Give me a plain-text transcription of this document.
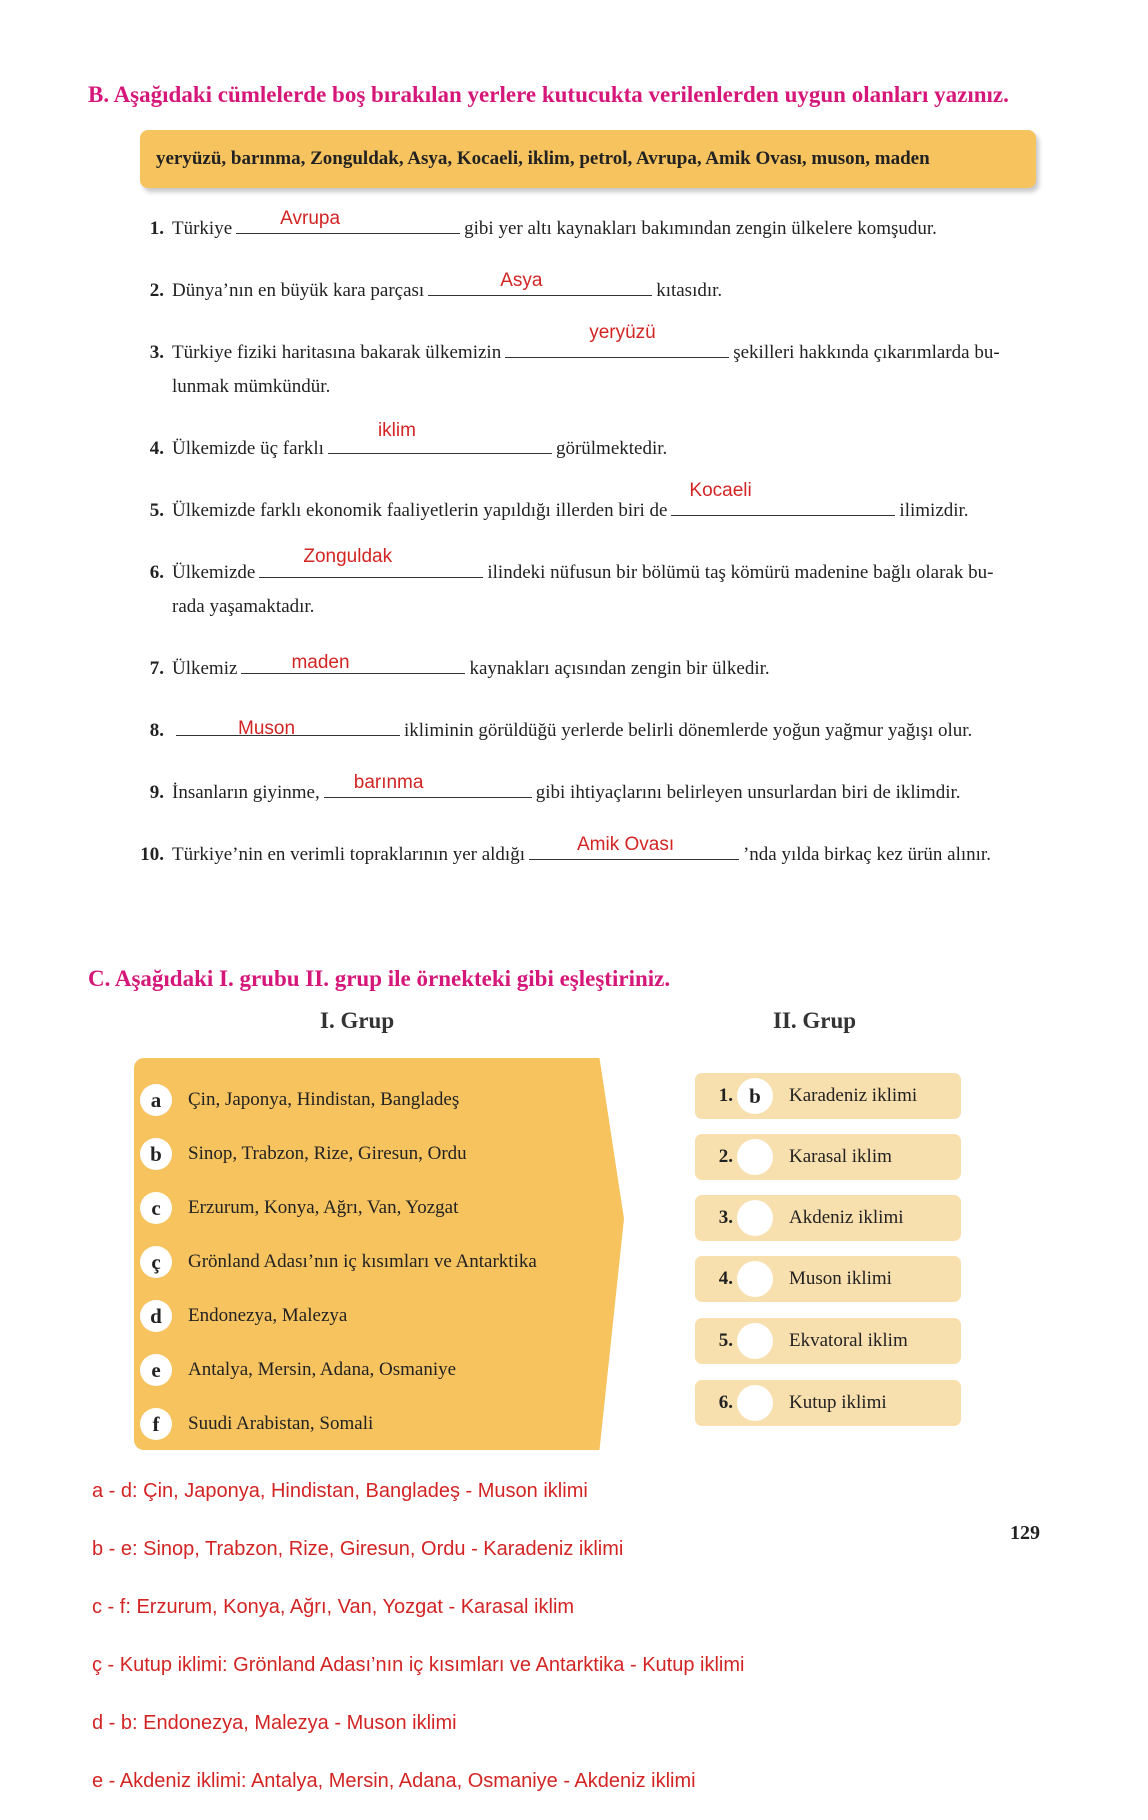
B. Aşağıdaki cümlelerde boş bırakılan yerlere kutucukta verilenlerden uygun olanları yazınız.
yeryüzü, barınma, Zonguldak, Asya, Kocaeli, iklim, petrol, Avrupa, Amik Ovası, muson, maden
1. Türkiye	Avrupa	gibi yer altı kaynakları bakımından zengin ülkelere komşudur.
2. Dünya’nın en büyük kara parçası	Asya	kıtasıdır.
3. Türkiye fiziki haritasına bakarak ülkemizin
yeryüzü
şekilleri hakkında çıkarımlarda bu-
lunmak mümkündür.
4. Ülkemizde üç farklı
iklim
görülmektedir.
5. Ülkemizde farklı ekonomik faaliyetlerin yapıldığı illerden biri de
Kocaeli
ilimizdir.
6. Ülkemizde
Zonguldak
ilindeki nüfusun bir bölümü taş kömürü madenine bağlı olarak bu-
rada yaşamaktadır.
7. Ülkemiz	maden	kaynakları açısından zengin bir ülkedir.
8.	Muson	ikliminin görüldüğü yerlerde belirli dönemlerde yoğun yağmur yağışı olur.
9. İnsanların giyinme, barınma	gibi ihtiyaçlarını belirleyen unsurlardan biri de iklimdir.
10. Türkiye’nin en verimli topraklarının yer aldığı	Amik Ovası	’nda yılda birkaç kez ürün alınır.
C. Aşağıdaki I. grubu II. grup ile örnekteki gibi eşleştiriniz.
I. Grup	II. Grup
a	Çin, Japonya, Hindistan, Bangladeş
b	Sinop, Trabzon, Rize, Giresun, Ordu
c	Erzurum, Konya, Ağrı, Van, Yozgat
ç	Grönland Adası’nın iç kısımları ve Antarktika
d	Endonezya, Malezya
e	Antalya, Mersin, Adana, Osmaniye
f	Suudi Arabistan, Somali
1. b	Karadeniz iklimi
2.	Karasal iklim
3.	Akdeniz iklimi
4.	Muson iklimi
5.	Ekvatoral iklim
6.	Kutup iklimi
129
a - d: Çin, Japonya, Hindistan, Bangladeş - Muson iklimi
b - e: Sinop, Trabzon, Rize, Giresun, Ordu - Karadeniz iklimi
c - f: Erzurum, Konya, Ağrı, Van, Yozgat - Karasal iklim
ç - Kutup iklimi: Grönland Adası’nın iç kısımları ve Antarktika - Kutup iklimi
d - b: Endonezya, Malezya - Muson iklimi
e - Akdeniz iklimi: Antalya, Mersin, Adana, Osmaniye - Akdeniz iklimi
